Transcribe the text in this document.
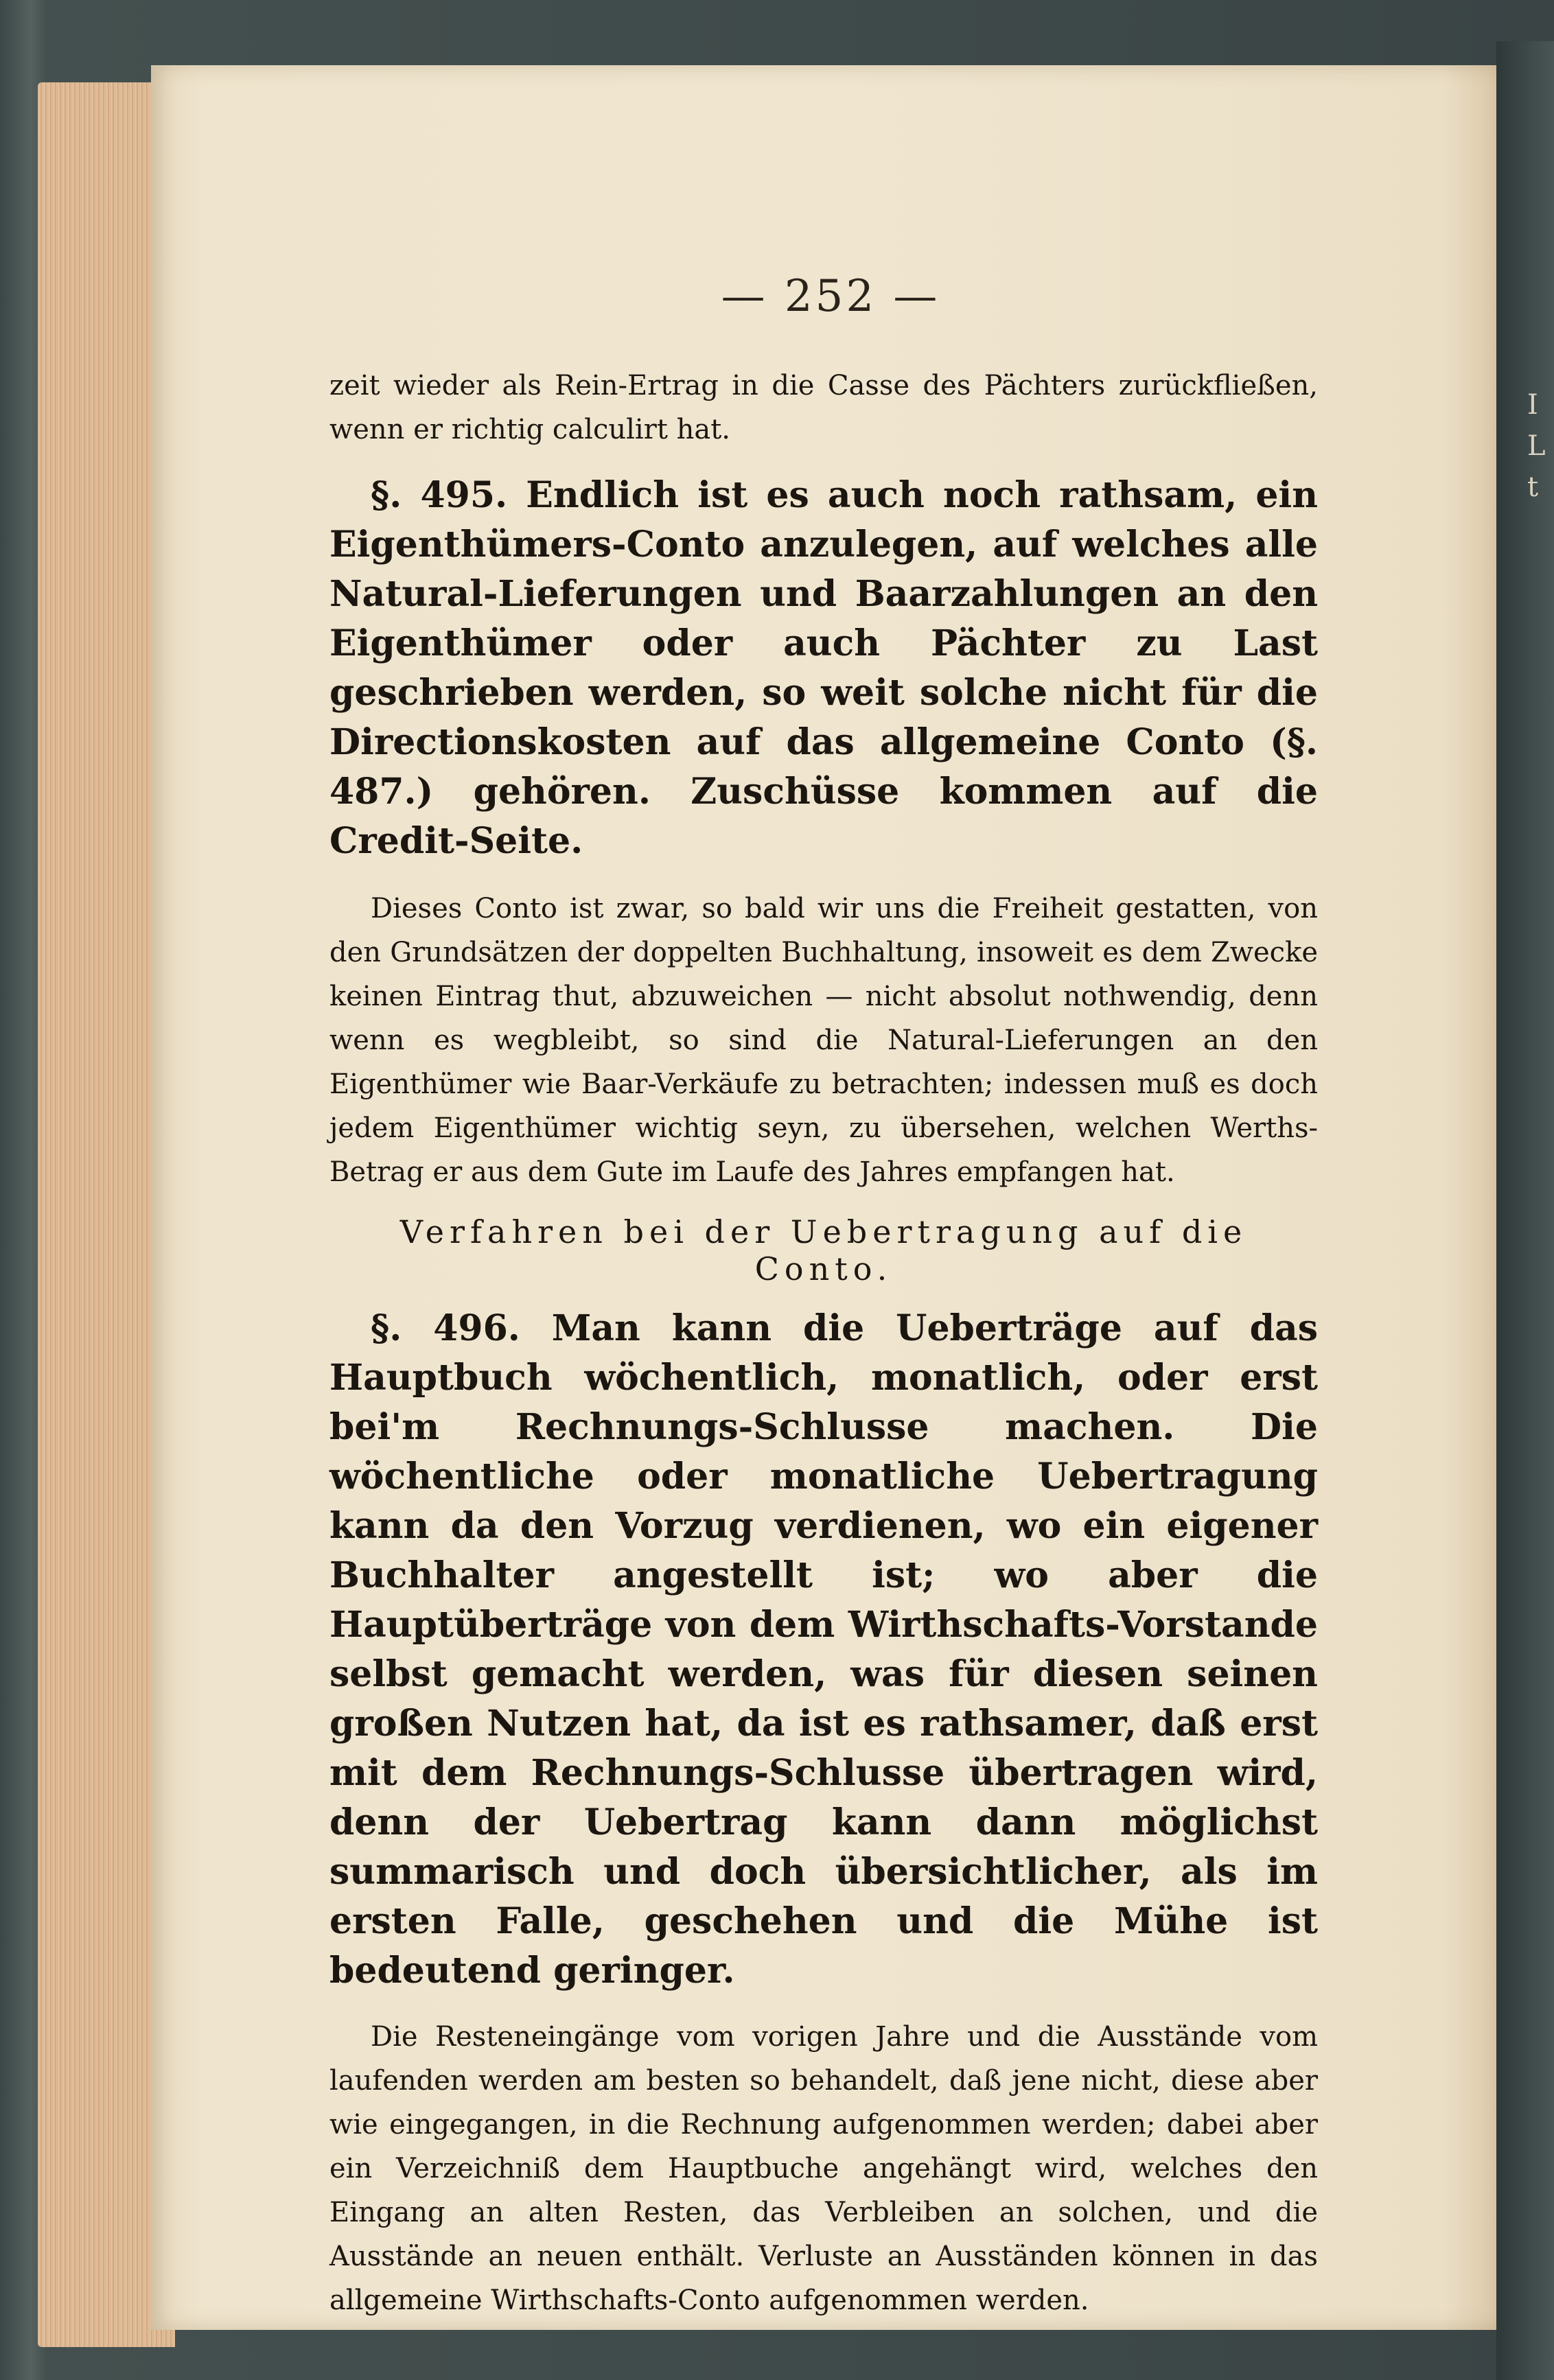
I
L
t
— 252 —

zeit wieder als Rein-Ertrag in die Casse des Pächters zurückfließen, wenn er richtig calculirt hat.

§. 495. Endlich ist es auch noch rathsam, ein Eigenthümers-Conto anzulegen, auf welches alle Natural-Lieferungen und Baarzahlungen an den Eigenthümer oder auch Pächter zu Last geschrieben werden, so weit solche nicht für die Directionskosten auf das allgemeine Conto (§. 487.) gehören. Zuschüsse kommen auf die Credit-Seite.

Dieses Conto ist zwar, so bald wir uns die Freiheit gestatten, von den Grundsätzen der doppelten Buchhaltung, insoweit es dem Zwecke keinen Eintrag thut, abzuweichen — nicht absolut nothwendig, denn wenn es wegbleibt, so sind die Natural-Lieferungen an den Eigenthümer wie Baar-Verkäufe zu betrachten; indessen muß es doch jedem Eigenthümer wichtig seyn, zu übersehen, welchen Werths-Betrag er aus dem Gute im Laufe des Jahres empfangen hat.

Verfahren bei der Uebertragung auf die Conto.

§. 496. Man kann die Ueberträge auf das Hauptbuch wöchentlich, monatlich, oder erst bei'm Rechnungs-Schlusse machen. Die wöchentliche oder monatliche Uebertragung kann da den Vorzug verdienen, wo ein eigener Buchhalter angestellt ist; wo aber die Hauptüberträge von dem Wirthschafts-Vorstande selbst gemacht werden, was für diesen seinen großen Nutzen hat, da ist es rathsamer, daß erst mit dem Rechnungs-Schlusse übertragen wird, denn der Uebertrag kann dann möglichst summarisch und doch übersichtlicher, als im ersten Falle, geschehen und die Mühe ist bedeutend geringer.

Die Resteneingänge vom vorigen Jahre und die Ausstände vom laufenden werden am besten so behandelt, daß jene nicht, diese aber wie eingegangen, in die Rechnung aufgenommen werden; dabei aber ein Verzeichniß dem Hauptbuche angehängt wird, welches den Eingang an alten Resten, das Verbleiben an solchen, und die Ausstände an neuen enthält. Verluste an Ausständen können in das allgemeine Wirthschafts-Conto aufgenommen werden.
